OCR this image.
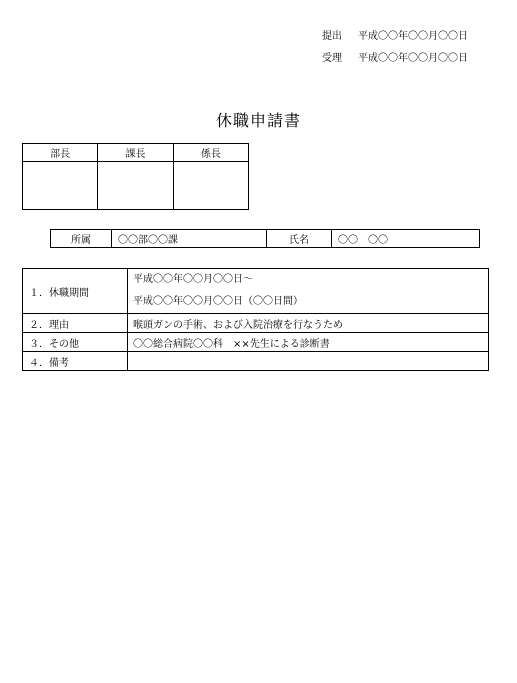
提出 平成〇〇年〇〇月〇〇日
受理 平成〇〇年〇〇月〇〇日
休職申請書
部長	課長	係長

所属	〇〇部〇〇課	氏名	〇〇　〇〇
１．休職期間	平成〇〇年〇〇月〇〇日～
平成〇〇年〇〇月〇〇日（〇〇日間）

２．理由	喉頭ガンの手術、および入院治療を行なうため
３．その他	〇〇総合病院〇〇科　××先生による診断書
４．備考	
